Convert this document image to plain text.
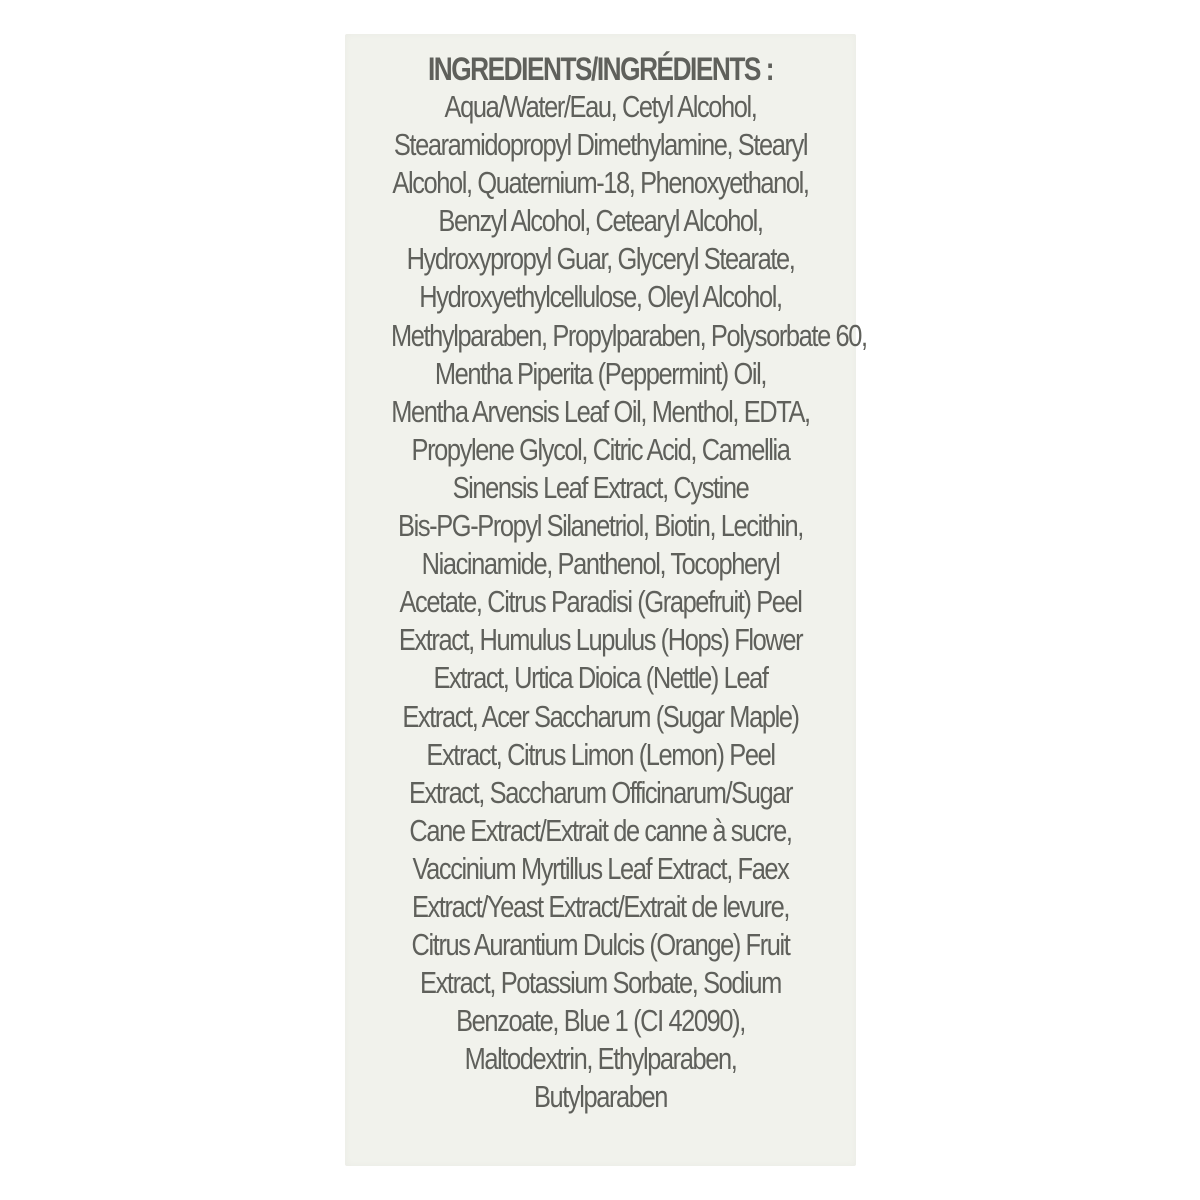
INGREDIENTS/INGRÉDIENTS :
Aqua/Water/Eau, Cetyl Alcohol,
Stearamidopropyl Dimethylamine, Stearyl
Alcohol, Quaternium-18, Phenoxyethanol,
Benzyl Alcohol, Cetearyl Alcohol,
Hydroxypropyl Guar, Glyceryl Stearate,
Hydroxyethylcellulose, Oleyl Alcohol,
Methylparaben, Propylparaben, Polysorbate 60,
Mentha Piperita (Peppermint) Oil,
Mentha Arvensis Leaf Oil, Menthol, EDTA,
Propylene Glycol, Citric Acid, Camellia
Sinensis Leaf Extract, Cystine
Bis-PG-Propyl Silanetriol, Biotin, Lecithin,
Niacinamide, Panthenol, Tocopheryl
Acetate, Citrus Paradisi (Grapefruit) Peel
Extract, Humulus Lupulus (Hops) Flower
Extract, Urtica Dioica (Nettle) Leaf
Extract, Acer Saccharum (Sugar Maple)
Extract, Citrus Limon (Lemon) Peel
Extract, Saccharum Officinarum/Sugar
Cane Extract/Extrait de canne à sucre,
Vaccinium Myrtillus Leaf Extract, Faex
Extract/Yeast Extract/Extrait de levure,
Citrus Aurantium Dulcis (Orange) Fruit
Extract, Potassium Sorbate, Sodium
Benzoate, Blue 1 (CI 42090),
Maltodextrin, Ethylparaben,
Butylparaben
